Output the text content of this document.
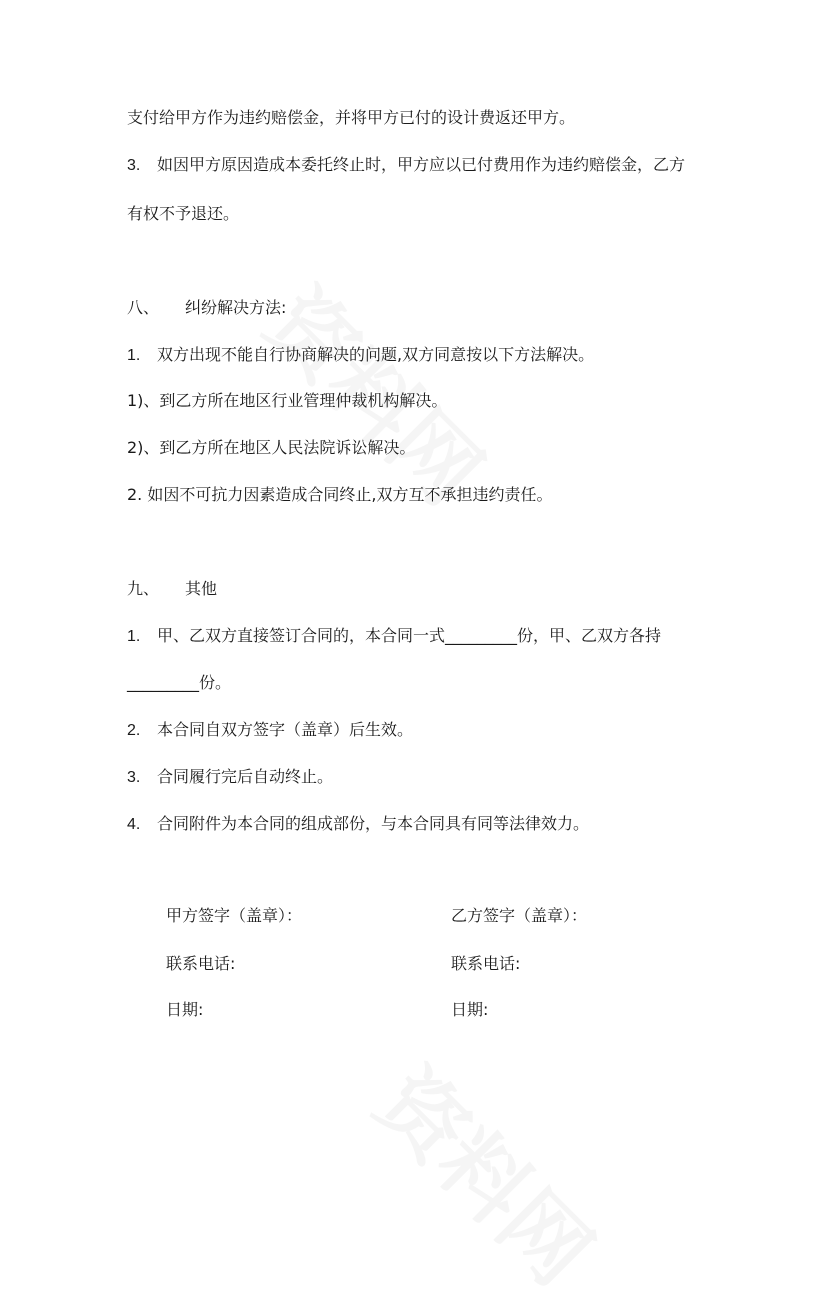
支付给甲方作为违约赔偿金，并将甲方已付的设计费返还甲方。
3. 如因甲方原因造成本委托终止时，甲方应以已付费用作为违约赔偿金，乙方
有权不予退还。
八、 纠纷解决方法:
1. 双方出现不能自行协商解决的问题,双方同意按以下方法解决。
1)、到乙方所在地区行业管理仲裁机构解决。
2)、到乙方所在地区人民法院诉讼解决。
2. 如因不可抗力因素造成合同终止,双方互不承担违约责任。
九、 其他
1. 甲、乙双方直接签订合同的，本合同一式_________份，甲、乙双方各持
_________份。
2. 本合同自双方签字（盖章）后生效。
3. 合同履行完后自动终止。
4. 合同附件为本合同的组成部份，与本合同具有同等法律效力。
甲方签字（盖章）：
联系电话:
日期:
乙方签字（盖章）：
联系电话:
日期:
